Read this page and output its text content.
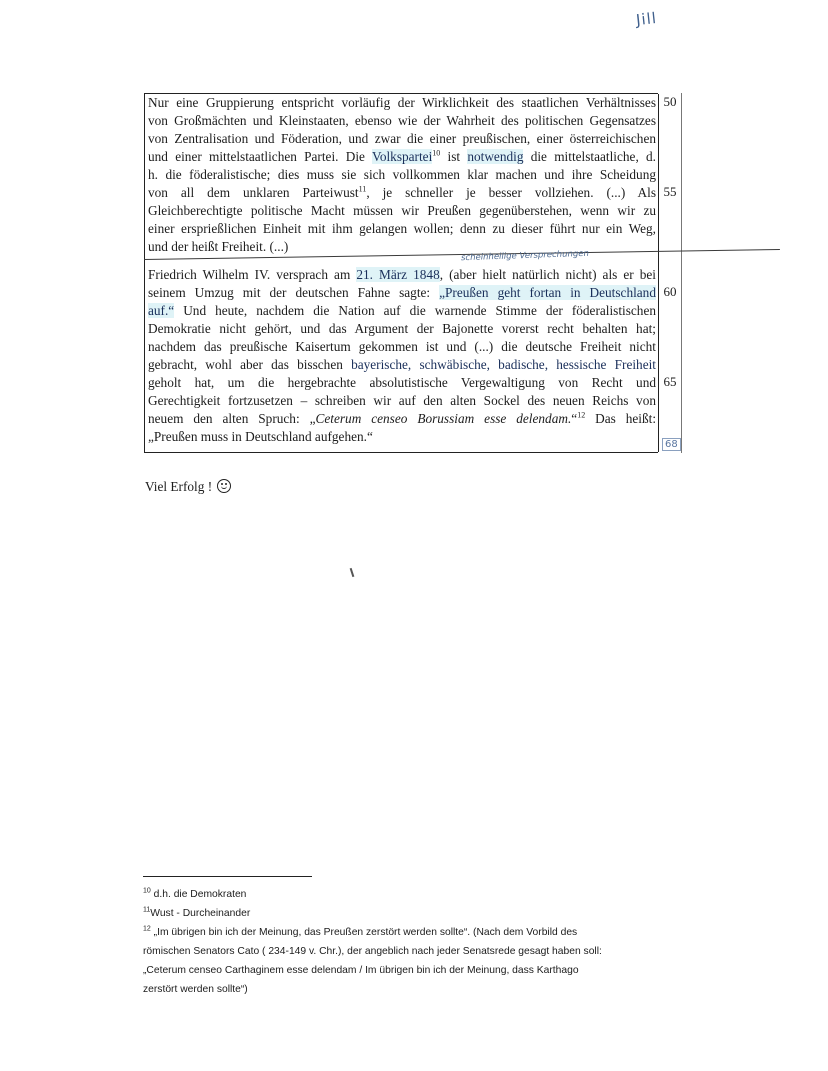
Jill
Nur eine Gruppierung entspricht vorläufig der Wirklichkeit des staatlichen Verhältnisses
von Großmächten und Kleinstaaten, ebenso wie der Wahrheit des politischen Gegensatzes
von Zentralisation und Föderation, und zwar die einer preußischen, einer österreichischen
und einer mittelstaatlichen Partei. Die Volkspartei$^{10}$ ist notwendig die mittelstaatliche, d.
h. die föderalistische; dies muss sie sich vollkommen klar machen und ihre Scheidung
von all dem unklaren Parteiwust$^{11}$, je schneller je besser vollziehen. (...) Als
Gleichberechtigte politische Macht müssen wir Preußen gegenüberstehen, wenn wir zu
einer ersprießlichen Einheit mit ihm gelangen wollen; denn zu dieser führt nur ein Weg,
und der heißt Freiheit. (...)
scheinheilige Versprechungen
Friedrich Wilhelm IV. versprach am 21. März 1848, (aber hielt natürlich nicht) als er bei
seinem Umzug mit der deutschen Fahne sagte: „Preußen geht fortan in Deutschland
auf.“ Und heute, nachdem die Nation auf die warnende Stimme der föderalistischen
Demokratie nicht gehört, und das Argument der Bajonette vorerst recht behalten hat;
nachdem das preußische Kaisertum gekommen ist und (...) die deutsche Freiheit nicht
gebracht, wohl aber das bisschen bayerische, schwäbische, badische, hessische Freiheit
geholt hat, um die hergebrachte absolutistische Vergewaltigung von Recht und
Gerechtigkeit fortzusetzen – schreiben wir auf den alten Sockel des neuen Reichs von
neuem den alten Spruch: „Ceterum censeo Borussiam esse delendam.“$^{12}$ Das heißt:
„Preußen muss in Deutschland aufgehen.“
50
55
60
65
68
Viel Erfolg !
$^{10}$ d.h. die Demokraten
$^{11}$Wust - Durcheinander
$^{12}$ „Im übrigen bin ich der Meinung, das Preußen zerstört werden sollte“. (Nach dem Vorbild des
römischen Senators Cato ( 234-149 v. Chr.), der angeblich nach jeder Senatsrede gesagt haben soll:
„Ceterum censeo Carthaginem esse delendam / Im übrigen bin ich der Meinung, dass Karthago
zerstört werden sollte“)
